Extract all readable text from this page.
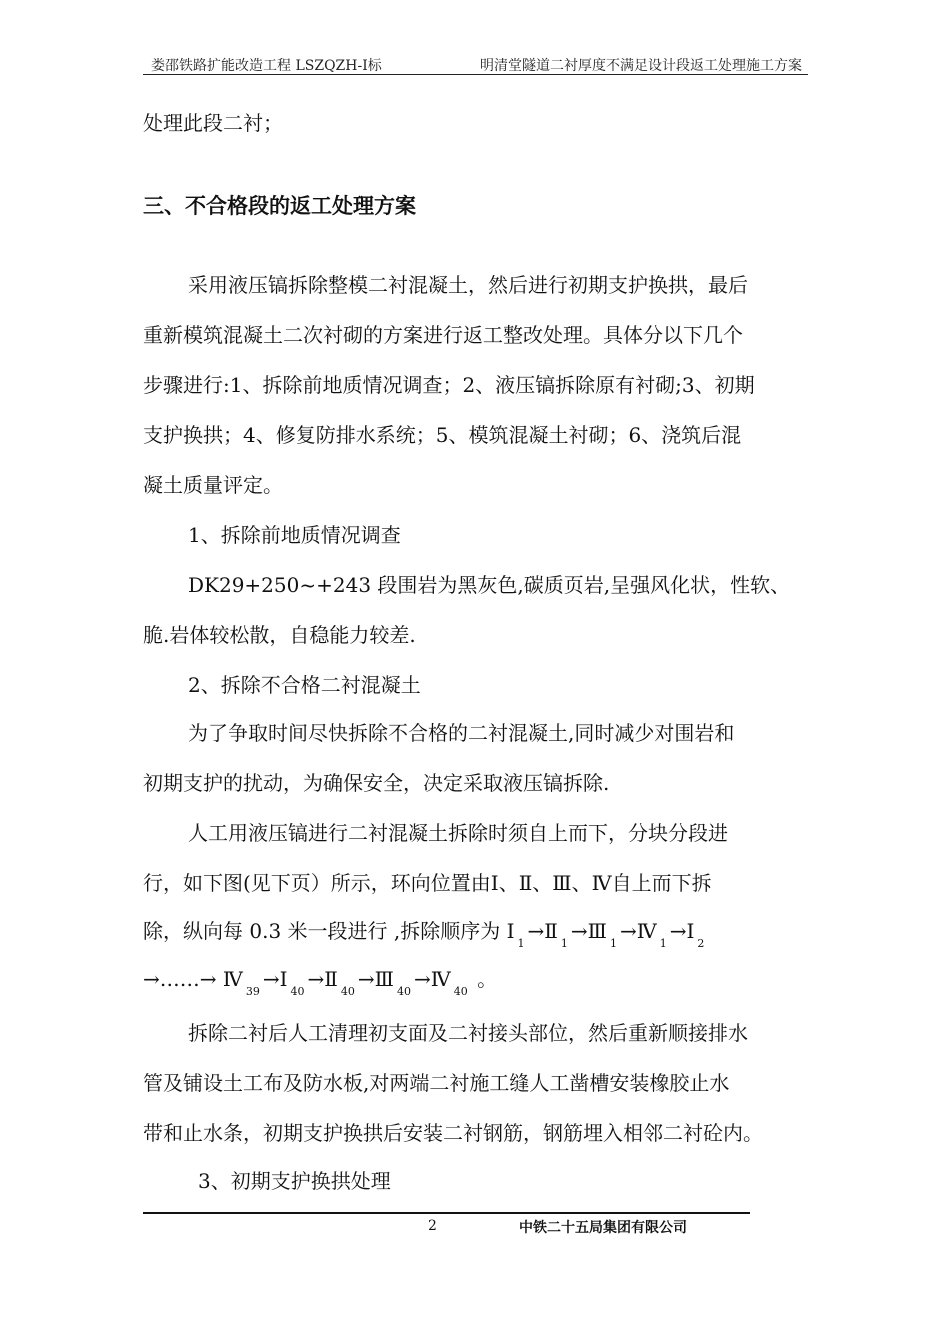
娄邵铁路扩能改造工程 LSZQZH-Ⅰ标	明清堂隧道二衬厚度不满足设计段返工处理施工方案
处理此段二衬；
三、不合格段的返工处理方案
采用液压镐拆除整模二衬混凝土，然后进行初期支护换拱，最后
重新模筑混凝土二次衬砌的方案进行返工整改处理。具体分以下几个
步骤进行:1、拆除前地质情况调查；2、液压镐拆除原有衬砌;3、初期
支护换拱；4、修复防排水系统；5、模筑混凝土衬砌；6、浇筑后混
凝土质量评定。
1、拆除前地质情况调查
DK29+250~+243 段围岩为黑灰色,碳质页岩,呈强风化状，性软、
脆.岩体较松散，自稳能力较差.
2、拆除不合格二衬混凝土
为了争取时间尽快拆除不合格的二衬混凝土,同时减少对围岩和
初期支护的扰动，为确保安全，决定采取液压镐拆除.
人工用液压镐进行二衬混凝土拆除时须自上而下，分块分段进
行，如下图(见下页）所示，环向位置由Ⅰ、Ⅱ、Ⅲ、Ⅳ自上而下拆
除，纵向每 0.3 米一段进行 ,拆除顺序为 $Ⅰ_1\to Ⅱ_1\to Ⅲ_1\to Ⅳ_1\to Ⅰ_2$
→……→ $Ⅳ_{39}\to Ⅰ_{40}\to Ⅱ_{40}\to Ⅲ_{40}\to Ⅳ_{40}$ 。
拆除二衬后人工清理初支面及二衬接头部位，然后重新顺接排水
管及铺设土工布及防水板,对两端二衬施工缝人工凿槽安装橡胶止水
带和止水条，初期支护换拱后安装二衬钢筋，钢筋埋入相邻二衬砼内。
3、初期支护换拱处理
2	中铁二十五局集团有限公司
